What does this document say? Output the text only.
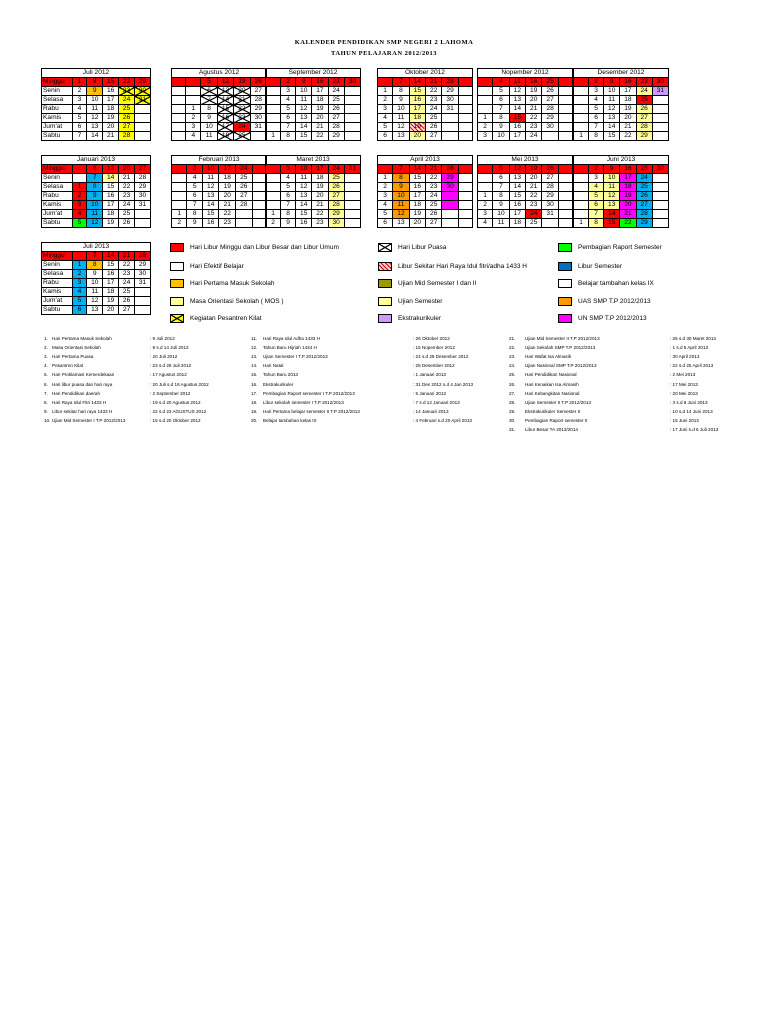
KALENDER PENDIDIKAN SMP NEGERI 2 LAHOMA
TAHUN PELAJARAN 2012/2013
Juli 2012					
Minggu	1	8	15	22	29
Senin	2	9	16	23	30
Selasa	3	10	17	24	31
Rabu	4	11	18	25	
Kamis	5	12	19	26	
Jum'at	6	13	20	27	
Sabtu	7	14	21	28	
Agustus 2012					
		5	12	19	26
		6	13	20	27
		7	14	21	28
	1	8	15	22	29
	2	9	16	23	30
	3	10	17	24	31
	4	11	18	25	
September 2012					
	2	9	16	23	30
	3	10	17	24	
	4	11	18	25	
	5	12	19	26	
	6	13	20	27	
	7	14	21	28	
1	8	15	22	29	
Oktober 2012					
	7	14	21	28	
1	8	15	22	29	
2	9	16	23	30	
3	10	17	24	31	
4	11	18	25		
5	12	19	26		
6	13	20	27		
Nopember 2012					
	4	11	18	25	
	5	12	19	26	
	6	13	20	27	
	7	14	21	28	
1	8	15	22	29	
2	9	16	23	30	
3	10	17	24		
Desember 2012					
	2	9	16	23	30
	3	10	17	24	31
	4	11	18	25	
	5	12	19	26	
	6	13	20	27	
	7	14	21	28	
1	8	15	22	29	
Januari 2013					
Minggu		6	13	20	27
Senin		7	14	21	28
Selasa	1	8	15	22	29
Rabu	2	9	16	23	30
Kamis	3	10	17	24	31
Jum'at	4	11	18	25	
Sabtu	5	12	19	26	
Februari 2013					
	3	10	17	24	
	4	11	18	25	
	5	12	19	26	
	6	13	20	27	
	7	14	21	28	
1	8	15	22		
2	9	16	23		
Maret 2013					
	3	10	17	24	31
	4	11	18	25	
	5	12	19	26	
	6	13	20	27	
	7	14	21	28	
1	8	15	22	29	
2	9	16	23	30	
April 2013					
	7	14	21	28	
1	8	15	22	29	
2	9	16	23	30	
3	10	17	24		
4	11	18	25		
5	12	19	26		
6	13	20	27		
Mei 2013					
	5	12	19	26	
	6	13	20	27	
	7	14	21	28	
1	8	15	22	29	
2	9	16	23	30	
3	10	17	24	31	
4	11	18	25		
Juni 2013					
	2	9	16	23	30
	3	10	17	24	
	4	11	18	25	
	5	12	19	26	
	6	13	20	27	
	7	14	21	28	
1	8	15	22	29	
Juli 2013					
Minggu		7	14	21	28
Senin	1	8	15	22	29
Selasa	2	9	16	23	30
Rabu	3	10	17	24	31
Kamis	4	11	18	25	
Jum'at	5	12	19	26	
Sabtu	6	13	20	27	
Hari Libur Minggu dan Libur Besar dan Libur Umum
Hari Efektif Belajar
Hari Pertama Masuk Sekolah
Masa Orientasi Sekolah ( MOS )
Kegiatan Pesantren Kilat
Hari Libur Puasa
Libur Sekitar Hari Raya Idul fitri/adha 1433 H
Ujian Mid Semester I dan II
Ujian Semester
Ekstrakurikuler
Pembagian Raport Semester
Libur Semester
Belajar tambahan kelas IX
UAS SMP T.P 2012/2013
UN SMP T.P 2012/2013
1. Hari Pertama Masuk Sekolah	: 9 Juli 2012
2. Masa Orientasi Sekolah	: 9 s.d 14 Juli 2012
3. Hari Pertama Puasa	: 20 Juli 2012
4. Pesantren Kilat	: 23 s.d 28 Juli 2012
5. Hari Proklamasi Kemerdekaan	: 17 Agustus 2012
6. Hari libur puasa dan hari raya	: 20 Juli s.d 18 Agustus 2012
7. Hari Pendidikan daerah	: 2 September 2012
8. Hari Raya Idul Fitri 1433 H	: 19 s.d 20 Agustus 2012
9. Libur sekitar hari raya 1433 H	: 22 s.d 23 AGUSTUS 2012
10. Ujian Mid Semester I T.P 2012/2013	: 15 s.d 20 Oktober 2012
11. Hari Raya Idul Adha 1433 H	: 26 Oktober 2012
12. Tahun Baru Hijriah 1434 H	: 15 Nopember 2012
13. Ujian Semester I T.P 2012/2013	: 24 s.d 29 Desember 2012
14. Hari Natal	: 25 Desember 2012
15. Tahun Baru 2013	: 1 Januari 2013
16. Ekstrakurikuler	: 31 Des 2012 s.d 4 Jan 2013
17. Pembagian Raport semester I T.P 2012/2013	: 5 Januari 2013
18. Libur sekolah semester I T.P 2012/2013	: 7 s.d 12 Januari 2013
19. Hari Pertama belajar semester II T.P 2012/2013	: 14 Januari 2013
20. Belajar tambahan kelas IX	: 4 Februari s.d 20 April 2013
21. Ujian Mid Semester II T.P 2012/2013	: 25 s.d 30 Maret 2013
22. Ujian Sekolah SMP T.P 2012/2013	: 1 s.d 5 April 2013
23. Hari Wafat Isa Almasih	: 30 April 2013
24. Ujian Nasional SMP T.P 2012/2013	: 22 s.d 25 April 2013
25. Hari Pendidikan Nasional	: 2 Mei 2013
26. Hari Kenaikan Isa Almasih	: 17 Mei 2013
27. Hari Kebangkitan Nasional	: 20 Mei 2013
28. Ujian Semester II T.P 2012/2013	: 3 s.d 8 Juni 2013
29. Ekstrakurikuler Semester II	: 10 s.d 14 Juni 2013
30. Pembagian Raport semester II	: 15 Juni 2013
31. Libur Besar TA 2013/2014	: 17 Juni s.d 6 Juli 2013
